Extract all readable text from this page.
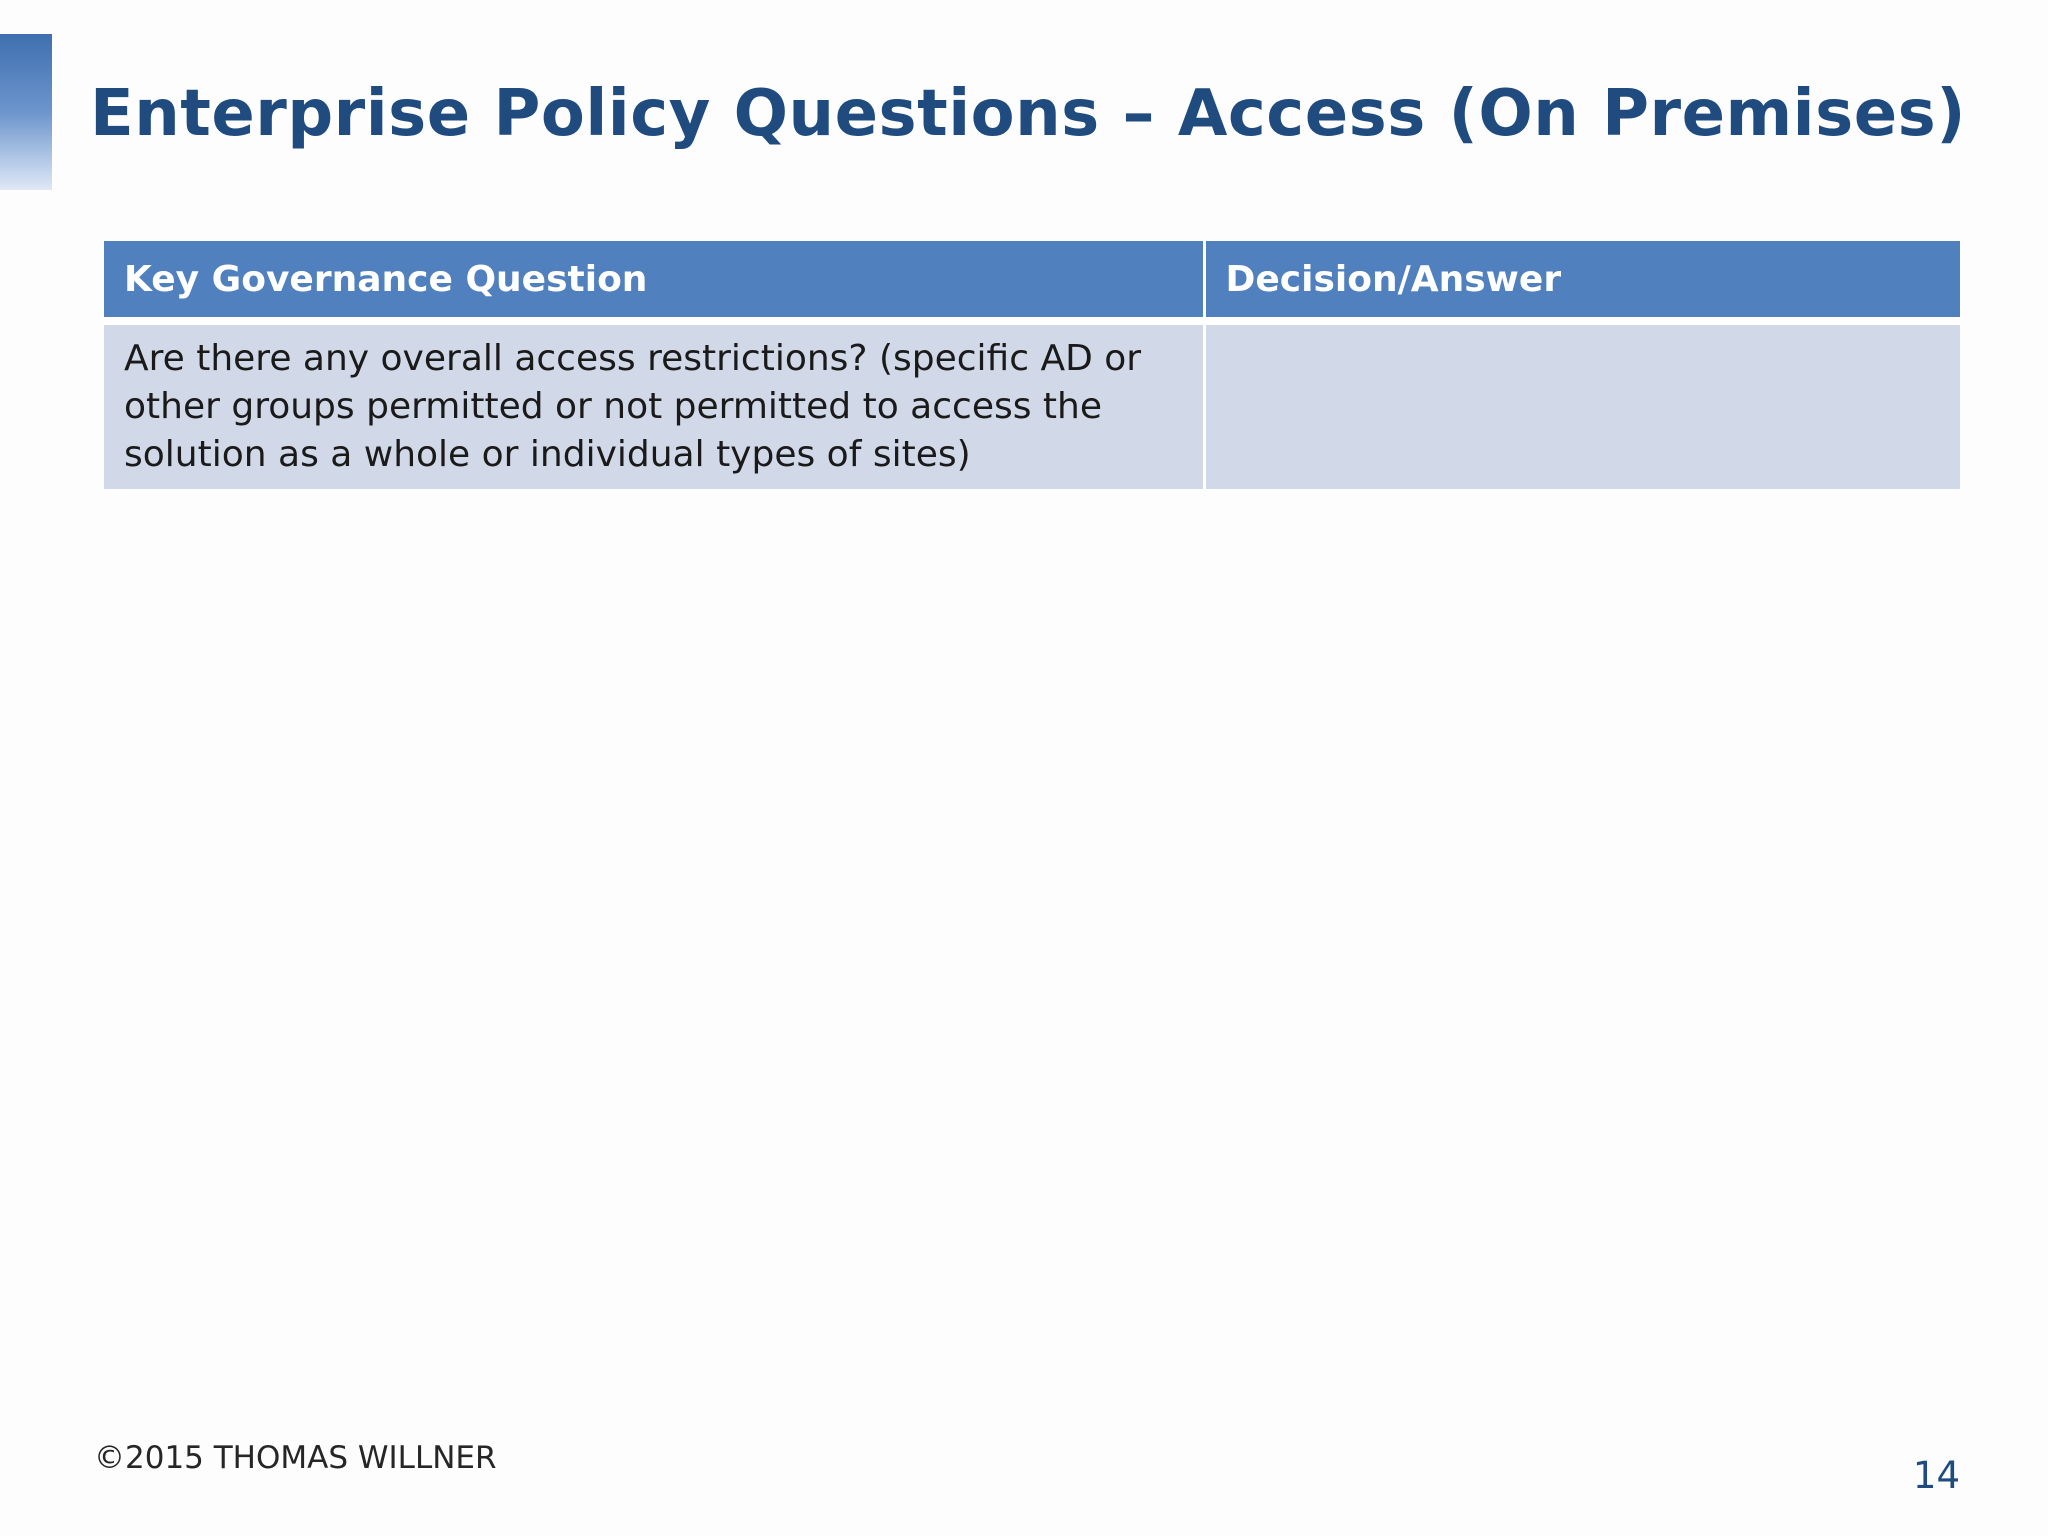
Enterprise Policy Questions – Access (On Premises)
Key Governance Question	Decision/Answer
Are there any overall access restrictions? (specific AD or other groups permitted or not permitted to access the solution as a whole or individual types of sites)	
©2015 THOMAS WILLNER	14
